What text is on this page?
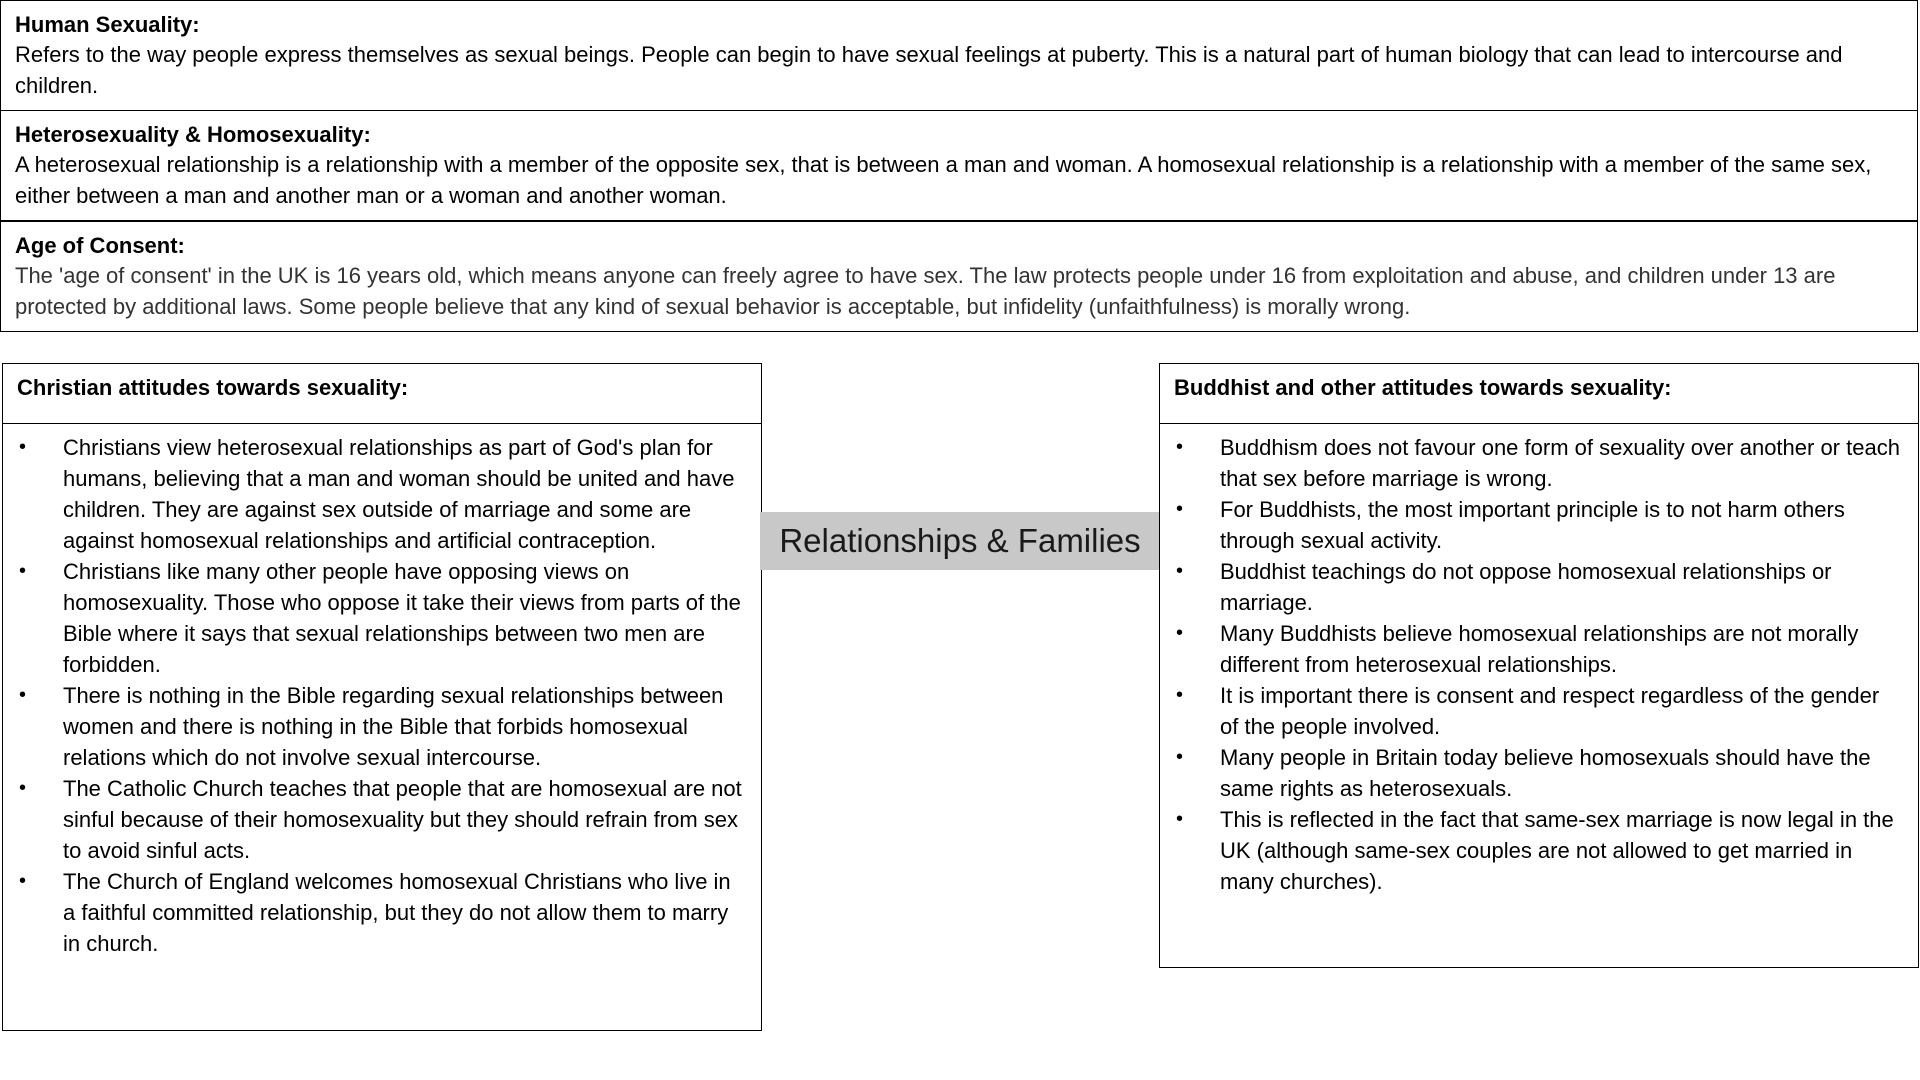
Human Sexuality:
Refers to the way people express themselves as sexual beings. People can begin to have sexual feelings at puberty. This is a natural part of human biology that can lead to intercourse and children.
Heterosexuality & Homosexuality:
A heterosexual relationship is a relationship with a member of the opposite sex, that is between a man and woman. A homosexual relationship is a relationship with a member of the same sex, either between a man and another man or a woman and another woman.
Age of Consent:
The 'age of consent' in the UK is 16 years old, which means anyone can freely agree to have sex. The law protects people under 16 from exploitation and abuse, and children under 13 are protected by additional laws. Some people believe that any kind of sexual behavior is acceptable, but infidelity (unfaithfulness) is morally wrong.
Christian attitudes towards sexuality:
• Christians view heterosexual relationships as part of God's plan for humans, believing that a man and woman should be united and have children. They are against sex outside of marriage and some are against homosexual relationships and artificial contraception.
• Christians like many other people have opposing views on homosexuality. Those who oppose it take their views from parts of the Bible where it says that sexual relationships between two men are forbidden.
• There is nothing in the Bible regarding sexual relationships between women and there is nothing in the Bible that forbids homosexual relations which do not involve sexual intercourse.
• The Catholic Church teaches that people that are homosexual are not sinful because of their homosexuality but they should refrain from sex to avoid sinful acts.
• The Church of England welcomes homosexual Christians who live in a faithful committed relationship, but they do not allow them to marry in church.
Relationships & Families
Buddhist and other attitudes towards sexuality:
• Buddhism does not favour one form of sexuality over another or teach that sex before marriage is wrong.
• For Buddhists, the most important principle is to not harm others through sexual activity.
• Buddhist teachings do not oppose homosexual relationships or marriage.
• Many Buddhists believe homosexual relationships are not morally different from heterosexual relationships.
• It is important there is consent and respect regardless of the gender of the people involved.
• Many people in Britain today believe homosexuals should have the same rights as heterosexuals.
• This is reflected in the fact that same-sex marriage is now legal in the UK (although same-sex couples are not allowed to get married in many churches).
